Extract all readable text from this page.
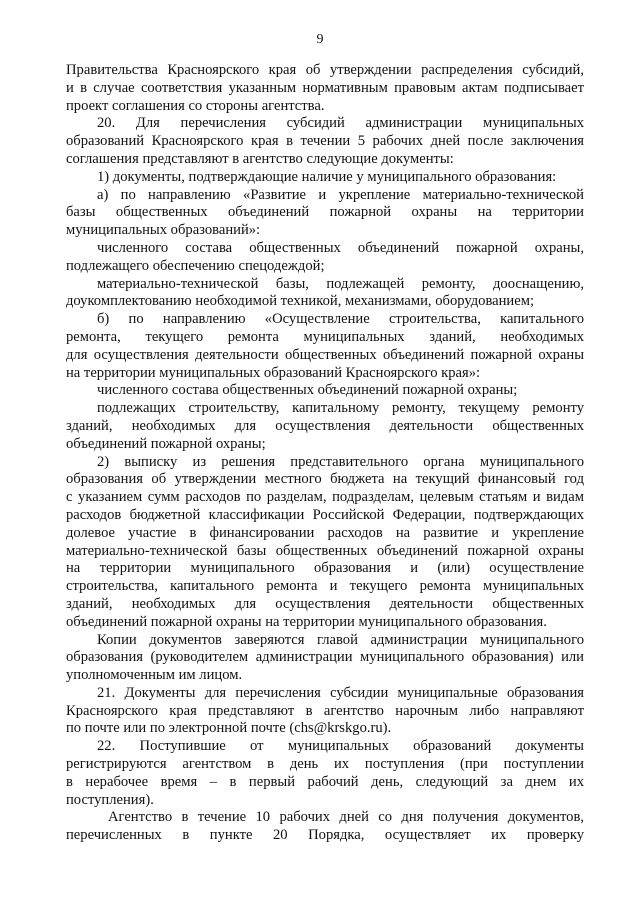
9
Правительства Красноярского края об утверждении распределения субсидий,
и в случае соответствия указанным нормативным правовым актам подписывает
проект соглашения со стороны агентства.
20. Для перечисления субсидий администрации муниципальных
образований Красноярского края в течении 5 рабочих дней после заключения
соглашения представляют в агентство следующие документы:
1) документы, подтверждающие наличие у муниципального образования:
а) по направлению «Развитие и укрепление материально-технической
базы общественных объединений пожарной охраны на территории
муниципальных образований»:
численного состава общественных объединений пожарной охраны,
подлежащего обеспечению спецодеждой;
материально-технической базы, подлежащей ремонту, дооснащению,
доукомплектованию необходимой техникой, механизмами, оборудованием;
б) по направлению «Осуществление строительства, капитального
ремонта, текущего ремонта муниципальных зданий, необходимых
для осуществления деятельности общественных объединений пожарной охраны
на территории муниципальных образований Красноярского края»:
численного состава общественных объединений пожарной охраны;
подлежащих строительству, капитальному ремонту, текущему ремонту
зданий, необходимых для осуществления деятельности общественных
объединений пожарной охраны;
2) выписку из решения представительного органа муниципального
образования об утверждении местного бюджета на текущий финансовый год
с указанием сумм расходов по разделам, подразделам, целевым статьям и видам
расходов бюджетной классификации Российской Федерации, подтверждающих
долевое участие в финансировании расходов на развитие и укрепление
материально-технической базы общественных объединений пожарной охраны
на территории муниципального образования и (или) осуществление
строительства, капитального ремонта и текущего ремонта муниципальных
зданий, необходимых для осуществления деятельности общественных
объединений пожарной охраны на территории муниципального образования.
Копии документов заверяются главой администрации муниципального
образования (руководителем администрации муниципального образования) или
уполномоченным им лицом.
21. Документы для перечисления субсидии муниципальные образования
Красноярского края представляют в агентство нарочным либо направляют
по почте или по электронной почте (chs@krskgo.ru).
22. Поступившие от муниципальных образований документы
регистрируются агентством в день их поступления (при поступлении
в нерабочее время – в первый рабочий день, следующий за днем их
поступления).
Агентство в течение 10 рабочих дней со дня получения документов,
перечисленных в пункте 20 Порядка, осуществляет их проверку
